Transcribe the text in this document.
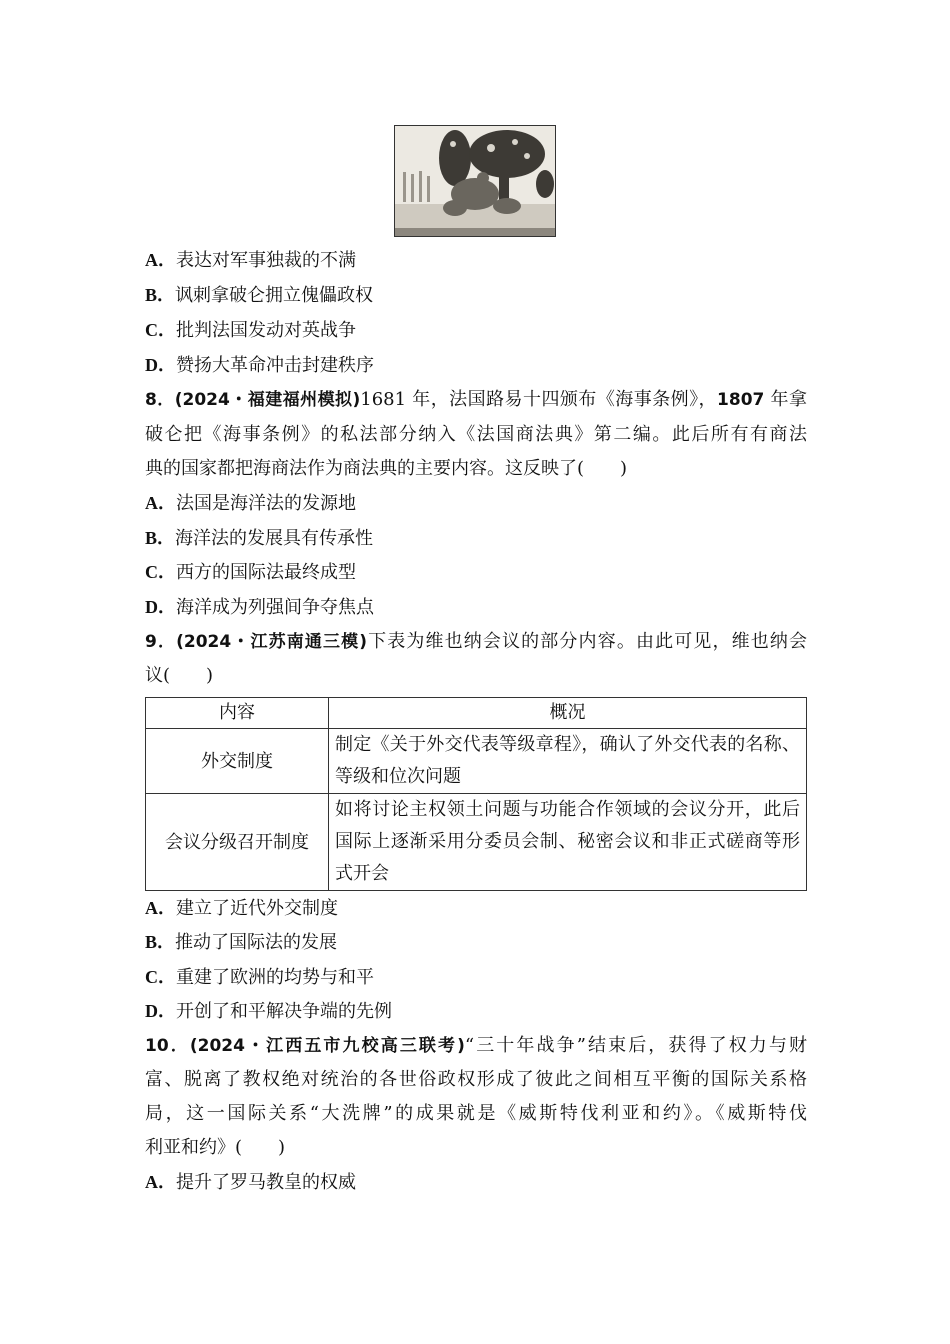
A．表达对军事独裁的不满
B．讽刺拿破仑拥立傀儡政权
C．批判法国发动对英战争
D．赞扬大革命冲击封建秩序
8．(2024・福建福州模拟)1681 年，法国路易十四颁布《海事条例》，1807 年拿
破仑把《海事条例》的私法部分纳入《法国商法典》第二编。此后所有有商法
典的国家都把海商法作为商法典的主要内容。这反映了(　　)
A．法国是海洋法的发源地
B．海洋法的发展具有传承性
C．西方的国际法最终成型
D．海洋成为列强间争夺焦点
9．(2024・江苏南通三模)下表为维也纳会议的部分内容。由此可见，维也纳会
议(　　)
内容	概况
外交制度	制定《关于外交代表等级章程》，确认了外交代表的名称、等级和位次问题
会议分级召开制度	如将讨论主权领土问题与功能合作领域的会议分开，此后国际上逐渐采用分委员会制、秘密会议和非正式磋商等形式开会
A．建立了近代外交制度
B．推动了国际法的发展
C．重建了欧洲的均势与和平
D．开创了和平解决争端的先例
10．(2024・江西五市九校高三联考)“三十年战争”结束后，获得了权力与财
富、脱离了教权绝对统治的各世俗政权形成了彼此之间相互平衡的国际关系格
局，这一国际关系“大洗牌”的成果就是《威斯特伐利亚和约》。《威斯特伐
利亚和约》(　　)
A．提升了罗马教皇的权威
